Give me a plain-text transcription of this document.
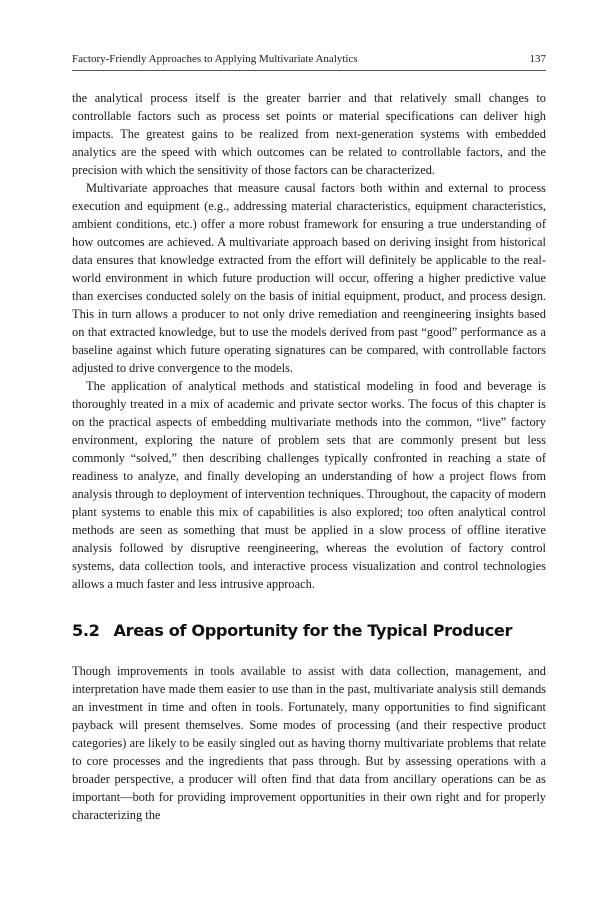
Factory-Friendly Approaches to Applying Multivariate Analytics	137

the analytical process itself is the greater barrier and that relatively small changes to controllable factors such as process set points or material specifications can deliver high impacts. The greatest gains to be realized from next-generation systems with embedded analytics are the speed with which outcomes can be related to controllable factors, and the precision with which the sensitivity of those factors can be characterized.

Multivariate approaches that measure causal factors both within and external to process execution and equipment (e.g., addressing material characteristics, equipment characteristics, ambient conditions, etc.) offer a more robust framework for ensuring a true understanding of how outcomes are achieved. A multivariate approach based on deriving insight from historical data ensures that knowledge extracted from the effort will definitely be applicable to the real-world environment in which future production will occur, offering a higher predictive value than exercises conducted solely on the basis of initial equipment, product, and process design. This in turn allows a producer to not only drive remediation and reengineering insights based on that extracted knowledge, but to use the models derived from past “good” performance as a baseline against which future operating signatures can be compared, with controllable factors adjusted to drive convergence to the models.

The application of analytical methods and statistical modeling in food and beverage is thoroughly treated in a mix of academic and private sector works. The focus of this chapter is on the practical aspects of embedding multivariate methods into the common, “live” factory environment, exploring the nature of problem sets that are commonly present but less commonly “solved,” then describing challenges typically confronted in reaching a state of readiness to analyze, and finally developing an understanding of how a project flows from analysis through to deployment of intervention techniques. Throughout, the capacity of modern plant systems to enable this mix of capabilities is also explored; too often analytical control methods are seen as something that must be applied in a slow process of offline iterative analysis followed by disruptive reengineering, whereas the evolution of factory control systems, data collection tools, and interactive process visualization and control technologies allows a much faster and less intrusive approach.

5.2 Areas of Opportunity for the Typical Producer

Though improvements in tools available to assist with data collection, management, and interpretation have made them easier to use than in the past, multivariate analysis still demands an investment in time and often in tools. Fortunately, many opportunities to find significant payback will present themselves. Some modes of processing (and their respective product categories) are likely to be easily singled out as having thorny multivariate problems that relate to core processes and the ingredients that pass through. But by assessing operations with a broader perspective, a producer will often find that data from ancillary operations can be as important—both for providing improvement opportunities in their own right and for properly characterizing the
